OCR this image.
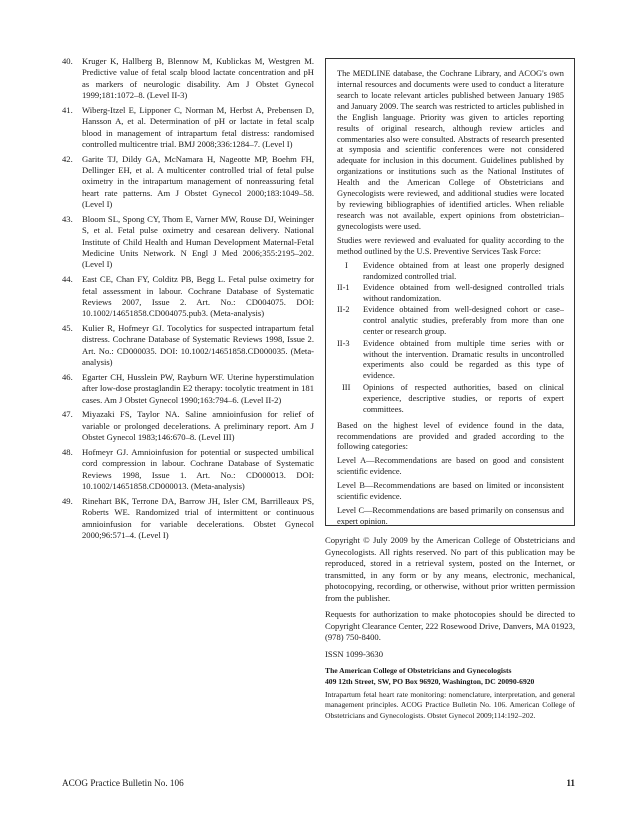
40.	Kruger K, Hallberg B, Blennow M, Kublickas M, Westgren M. Predictive value of fetal scalp blood lactate concentration and pH as markers of neurologic disability. Am J Obstet Gynecol 1999;181:1072–8. (Level II-3)
41.	Wiberg-Itzel E, Lipponer C, Norman M, Herbst A, Prebensen D, Hansson A, et al. Determination of pH or lactate in fetal scalp blood in management of intrapartum fetal distress: randomised controlled multicentre trial. BMJ 2008;336:1284–7. (Level I)
42.	Garite TJ, Dildy GA, McNamara H, Nageotte MP, Boehm FH, Dellinger EH, et al. A multicenter controlled trial of fetal pulse oximetry in the intrapartum management of nonreassuring fetal heart rate patterns. Am J Obstet Gynecol 2000;183:1049–58. (Level I)
43.	Bloom SL, Spong CY, Thom E, Varner MW, Rouse DJ, Weininger S, et al. Fetal pulse oximetry and cesarean delivery. National Institute of Child Health and Human Development Maternal-Fetal Medicine Units Network. N Engl J Med 2006;355:2195–202. (Level I)
44.	East CE, Chan FY, Colditz PB, Begg L. Fetal pulse oximetry for fetal assessment in labour. Cochrane Database of Systematic Reviews 2007, Issue 2. Art. No.: CD004075. DOI: 10.1002/14651858.CD004075.pub3. (Meta-analysis)
45.	Kulier R, Hofmeyr GJ. Tocolytics for suspected intrapartum fetal distress. Cochrane Database of Systematic Reviews 1998, Issue 2. Art. No.: CD000035. DOI: 10.1002/14651858.CD000035. (Meta-analysis)
46.	Egarter CH, Husslein PW, Rayburn WF. Uterine hyperstimulation after low-dose prostaglandin E2 therapy: tocolytic treatment in 181 cases. Am J Obstet Gynecol 1990;163:794–6. (Level II-2)
47.	Miyazaki FS, Taylor NA. Saline amnioinfusion for relief of variable or prolonged decelerations. A preliminary report. Am J Obstet Gynecol 1983;146:670–8. (Level III)
48.	Hofmeyr GJ. Amnioinfusion for potential or suspected umbilical cord compression in labour. Cochrane Database of Systematic Reviews 1998, Issue 1. Art. No.: CD000013. DOI: 10.1002/14651858.CD000013. (Meta-analysis)
49.	Rinehart BK, Terrone DA, Barrow JH, Isler CM, Barrilleaux PS, Roberts WE. Randomized trial of intermittent or continuous amnioinfusion for variable decelerations. Obstet Gynecol 2000;96:571–4. (Level I)

The MEDLINE database, the Cochrane Library, and ACOG's own internal resources and documents were used to conduct a literature search to locate relevant articles published between January 1985 and January 2009. The search was restricted to articles published in the English language. Priority was given to articles reporting results of original research, although review articles and commentaries also were consulted. Abstracts of research presented at symposia and scientific conferences were not considered adequate for inclusion in this document. Guidelines published by organizations or institutions such as the National Institutes of Health and the American College of Obstetricians and Gynecologists were reviewed, and additional studies were located by reviewing bibliographies of identified articles. When reliable research was not available, expert opinions from obstetrician–gynecologists were used.

Studies were reviewed and evaluated for quality according to the method outlined by the U.S. Preventive Services Task Force:

I	Evidence obtained from at least one properly designed randomized controlled trial.
II-1	Evidence obtained from well-designed controlled trials without randomization.
II-2	Evidence obtained from well-designed cohort or case–control analytic studies, preferably from more than one center or research group.
II-3	Evidence obtained from multiple time series with or without the intervention. Dramatic results in uncontrolled experiments also could be regarded as this type of evidence.
III	Opinions of respected authorities, based on clinical experience, descriptive studies, or reports of expert committees.

Based on the highest level of evidence found in the data, recommendations are provided and graded according to the following categories:

Level A—Recommendations are based on good and consistent scientific evidence.

Level B—Recommendations are based on limited or inconsistent scientific evidence.

Level C—Recommendations are based primarily on consensus and expert opinion.

Copyright © July 2009 by the American College of Obstetricians and Gynecologists. All rights reserved. No part of this publication may be reproduced, stored in a retrieval system, posted on the Internet, or transmitted, in any form or by any means, electronic, mechanical, photocopying, recording, or otherwise, without prior written permission from the publisher.

Requests for authorization to make photocopies should be directed to Copyright Clearance Center, 222 Rosewood Drive, Danvers, MA 01923, (978) 750-8400.

ISSN 1099-3630

The American College of Obstetricians and Gynecologists

409 12th Street, SW, PO Box 96920, Washington, DC 20090-6920

Intrapartum fetal heart rate monitoring: nomenclature, interpretation, and general management principles. ACOG Practice Bulletin No. 106. American College of Obstetricians and Gynecologists. Obstet Gynecol 2009;114:192–202.

ACOG Practice Bulletin No. 106	11
